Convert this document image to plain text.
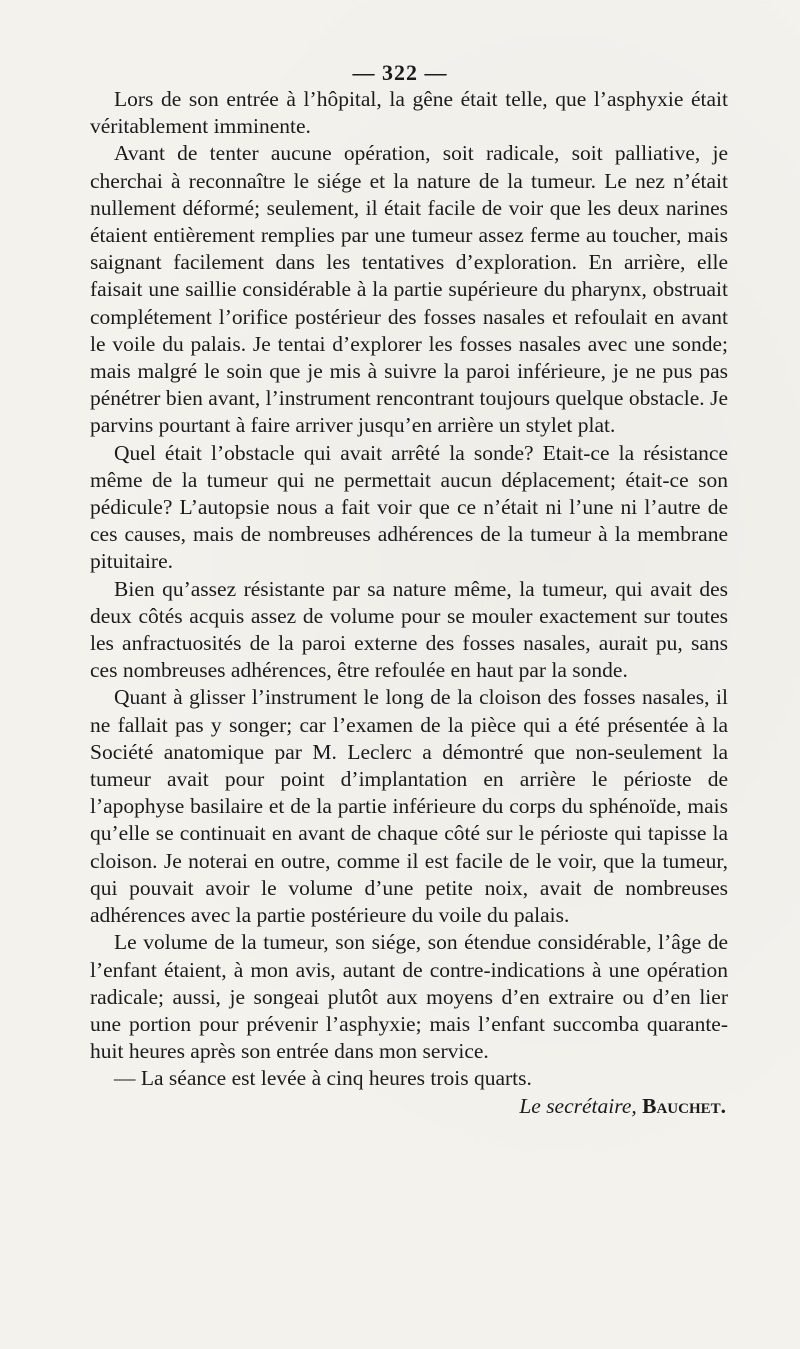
— 322 —

Lors de son entrée à l’hôpital, la gêne était telle, que l’asphyxie était véritablement imminente.

Avant de tenter aucune opération, soit radicale, soit palliative, je cherchai à reconnaître le siége et la nature de la tumeur. Le nez n’était nullement déformé; seulement, il était facile de voir que les deux narines étaient entièrement remplies par une tumeur assez ferme au toucher, mais saignant facilement dans les tentatives d’exploration. En arrière, elle faisait une saillie considérable à la partie supérieure du pharynx, obstruait complétement l’orifice postérieur des fosses nasales et refoulait en avant le voile du palais. Je tentai d’explorer les fosses nasales avec une sonde; mais malgré le soin que je mis à suivre la paroi inférieure, je ne pus pas pénétrer bien avant, l’instrument rencontrant toujours quelque obstacle. Je parvins pourtant à faire arriver jusqu’en arrière un stylet plat.

Quel était l’obstacle qui avait arrêté la sonde? Etait-ce la résistance même de la tumeur qui ne permettait aucun déplacement; était-ce son pédicule? L’autopsie nous a fait voir que ce n’était ni l’une ni l’autre de ces causes, mais de nombreuses adhérences de la tumeur à la membrane pituitaire.

Bien qu’assez résistante par sa nature même, la tumeur, qui avait des deux côtés acquis assez de volume pour se mouler exactement sur toutes les anfractuosités de la paroi externe des fosses nasales, aurait pu, sans ces nombreuses adhérences, être refoulée en haut par la sonde.

Quant à glisser l’instrument le long de la cloison des fosses nasales, il ne fallait pas y songer; car l’examen de la pièce qui a été présentée à la Société anatomique par M. Leclerc a démontré que non-seulement la tumeur avait pour point d’implantation en arrière le périoste de l’apophyse basilaire et de la partie inférieure du corps du sphénoïde, mais qu’elle se continuait en avant de chaque côté sur le périoste qui tapisse la cloison. Je noterai en outre, comme il est facile de le voir, que la tumeur, qui pouvait avoir le volume d’une petite noix, avait de nombreuses adhérences avec la partie postérieure du voile du palais.

Le volume de la tumeur, son siége, son étendue considérable, l’âge de l’enfant étaient, à mon avis, autant de contre-indications à une opération radicale; aussi, je songeai plutôt aux moyens d’en extraire ou d’en lier une portion pour prévenir l’asphyxie; mais l’enfant succomba quarante-huit heures après son entrée dans mon service.

— La séance est levée à cinq heures trois quarts.

Le secrétaire, Bauchet.
